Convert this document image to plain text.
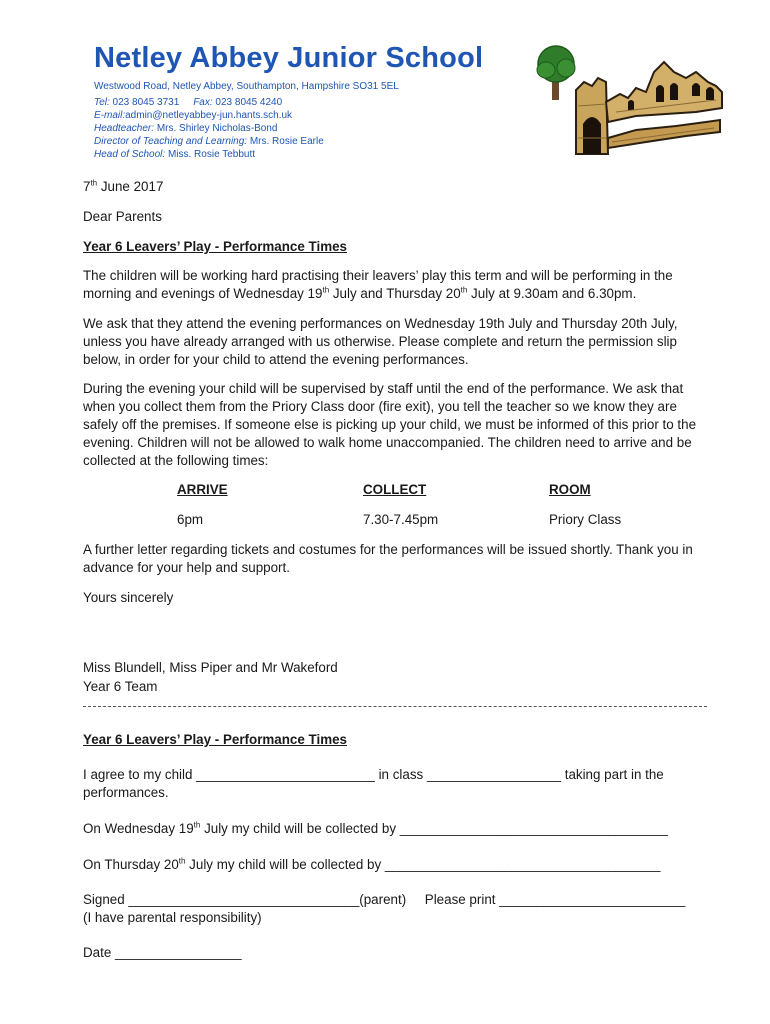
Netley Abbey Junior School
Westwood Road, Netley Abbey, Southampton, Hampshire SO31 5EL
Tel: 023 8045 3731 Fax: 023 8045 4240
E-mail:admin@netleyabbey-jun.hants.sch.uk
Headteacher: Mrs. Shirley Nicholas-Bond
Director of Teaching and Learning: Mrs. Rosie Earle
Head of School: Miss. Rosie Tebbutt
7th June 2017
Dear Parents
Year 6 Leavers’ Play - Performance Times
The children will be working hard practising their leavers’ play this term and will be performing in the morning and evenings of Wednesday 19th July and Thursday 20th July at 9.30am and 6.30pm.
We ask that they attend the evening performances on Wednesday 19th July and Thursday 20th July, unless you have already arranged with us otherwise. Please complete and return the permission slip below, in order for your child to attend the evening performances.
During the evening your child will be supervised by staff until the end of the performance. We ask that when you collect them from the Priory Class door (fire exit), you tell the teacher so we know they are safely off the premises. If someone else is picking up your child, we must be informed of this prior to the evening. Children will not be allowed to walk home unaccompanied. The children need to arrive and be collected at the following times:
ARRIVE	COLLECT	ROOM
6pm	7.30-7.45pm	Priory Class
A further letter regarding tickets and costumes for the performances will be issued shortly. Thank you in advance for your help and support.
Yours sincerely
Miss Blundell, Miss Piper and Mr Wakeford
Year 6 Team
Year 6 Leavers’ Play - Performance Times
I agree to my child ________________________ in class __________________ taking part in the performances.
On Wednesday 19th July my child will be collected by ____________________________________
On Thursday 20th July my child will be collected by _____________________________________
Signed _______________________________(parent)     Please print _________________________
(I have parental responsibility)
Date _________________
